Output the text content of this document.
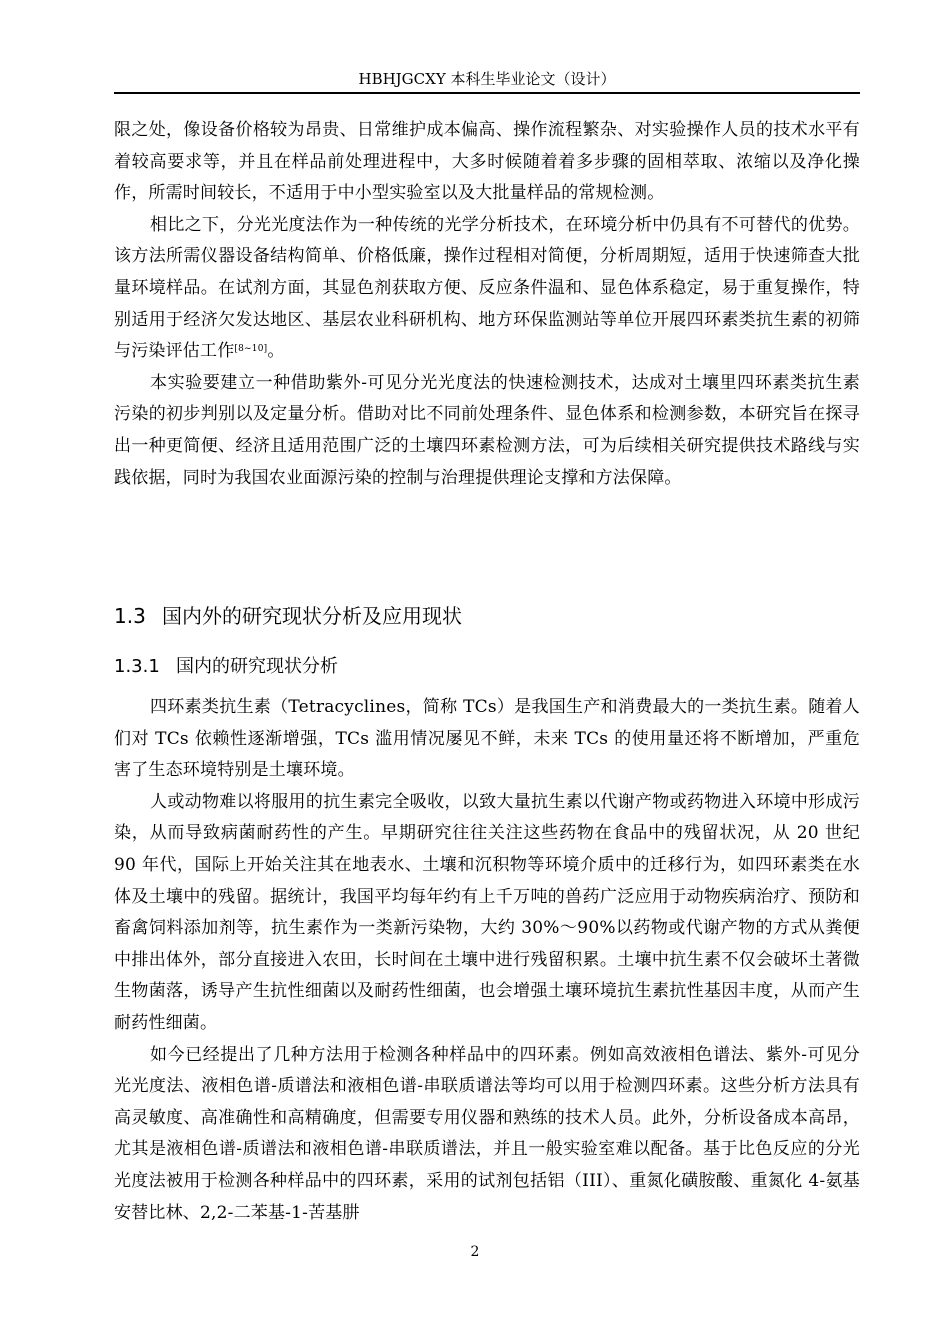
HBHJGCXY 本科生毕业论文（设计）

限之处，像设备价格较为昂贵、日常维护成本偏高、操作流程繁杂、对实验操作人员的技术水平有着较高要求等，并且在样品前处理进程中，大多时候随着着多步骤的固相萃取、浓缩以及净化操作，所需时间较长，不适用于中小型实验室以及大批量样品的常规检测。

相比之下，分光光度法作为一种传统的光学分析技术，在环境分析中仍具有不可替代的优势。该方法所需仪器设备结构简单、价格低廉，操作过程相对简便，分析周期短，适用于快速筛查大批量环境样品。在试剂方面，其显色剂获取方便、反应条件温和、显色体系稳定，易于重复操作，特别适用于经济欠发达地区、基层农业科研机构、地方环保监测站等单位开展四环素类抗生素的初筛与污染评估工作[8~10]。

本实验要建立一种借助紫外-可见分光光度法的快速检测技术，达成对土壤里四环素类抗生素污染的初步判别以及定量分析。借助对比不同前处理条件、显色体系和检测参数，本研究旨在探寻出一种更简便、经济且适用范围广泛的土壤四环素检测方法，可为后续相关研究提供技术路线与实践依据，同时为我国农业面源污染的控制与治理提供理论支撑和方法保障。

1.3 国内外的研究现状分析及应用现状
1.3.1 国内的研究现状分析

四环素类抗生素（Tetracyclines，简称 TCs）是我国生产和消费最大的一类抗生素。随着人们对 TCs 依赖性逐渐增强，TCs 滥用情况屡见不鲜，未来 TCs 的使用量还将不断增加，严重危害了生态环境特别是土壤环境。

人或动物难以将服用的抗生素完全吸收，以致大量抗生素以代谢产物或药物进入环境中形成污染，从而导致病菌耐药性的产生。早期研究往往关注这些药物在食品中的残留状况，从 20 世纪 90 年代，国际上开始关注其在地表水、土壤和沉积物等环境介质中的迁移行为，如四环素类在水体及土壤中的残留。据统计，我国平均每年约有上千万吨的兽药广泛应用于动物疾病治疗、预防和畜禽饲料添加剂等，抗生素作为一类新污染物，大约 30%～90%以药物或代谢产物的方式从粪便中排出体外，部分直接进入农田，长时间在土壤中进行残留积累。土壤中抗生素不仅会破坏土著微生物菌落，诱导产生抗性细菌以及耐药性细菌，也会增强土壤环境抗生素抗性基因丰度，从而产生耐药性细菌。

如今已经提出了几种方法用于检测各种样品中的四环素。例如高效液相色谱法、紫外-可见分光光度法、液相色谱-质谱法和液相色谱-串联质谱法等均可以用于检测四环素。这些分析方法具有高灵敏度、高准确性和高精确度，但需要专用仪器和熟练的技术人员。此外，分析设备成本高昂，尤其是液相色谱-质谱法和液相色谱-串联质谱法，并且一般实验室难以配备。基于比色反应的分光光度法被用于检测各种样品中的四环素，采用的试剂包括铝（III）、重氮化磺胺酸、重氮化 4-氨基安替比林、2,2-二苯基-1-苦基肼

2
